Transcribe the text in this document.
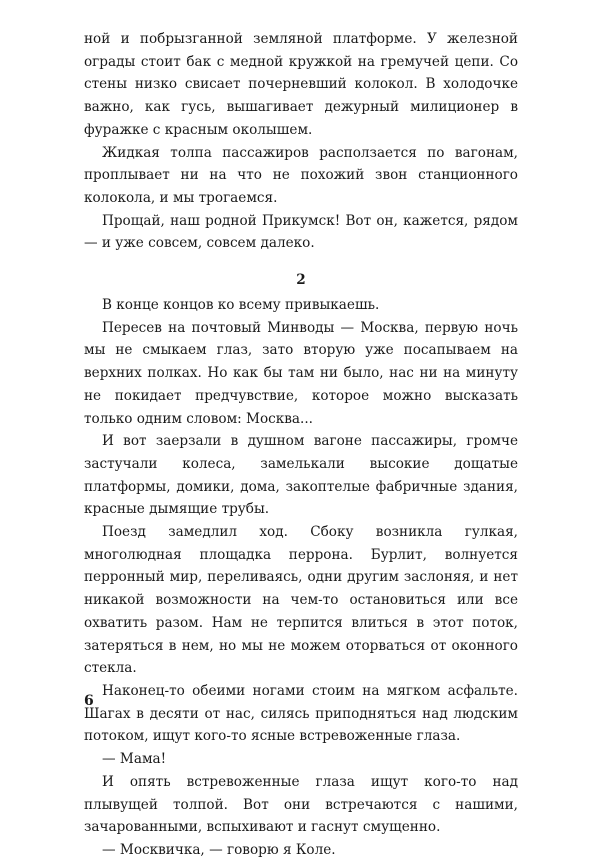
ной и побрызганной земляной платформе. У железной ограды стоит бак с медной кружкой на гремучей цепи. Со стены низко свисает почерневший колокол. В холодочке важно, как гусь, вышагивает дежурный милиционер в фуражке с красным околышем.

Жидкая толпа пассажиров расползается по вагонам, проплывает ни на что не похожий звон станционного колокола, и мы трогаемся.

Прощай, наш родной Прикумск! Вот он, кажется, рядом — и уже совсем, совсем далеко.

2

В конце концов ко всему привыкаешь.

Пересев на почтовый Минводы — Москва, первую ночь мы не смыкаем глаз, зато вторую уже посапываем на верхних полках. Но как бы там ни было, нас ни на минуту не покидает предчувствие, которое можно высказать только одним словом: Москва...

И вот заерзали в душном вагоне пассажиры, громче застучали колеса, замелькали высокие дощатые платформы, домики, дома, закоптелые фабричные здания, красные дымящие трубы.

Поезд замедлил ход. Сбоку возникла гулкая, многолюдная площадка перрона. Бурлит, волнуется перронный мир, переливаясь, одни другим заслоняя, и нет никакой возможности на чем-то остановиться или все охватить разом. Нам не терпится влиться в этот поток, затеряться в нем, но мы не можем оторваться от оконного стекла.

Наконец-то обеими ногами стоим на мягком асфальте. Шагах в десяти от нас, силясь приподняться над людским потоком, ищут кого-то ясные встревоженные глаза.

— Мама!

И опять встревоженные глаза ищут кого-то над плывущей толпой. Вот они встречаются с нашими, зачарованными, вспыхивают и гаснут смущенно.

— Москвичка, — говорю я Коле.

6
